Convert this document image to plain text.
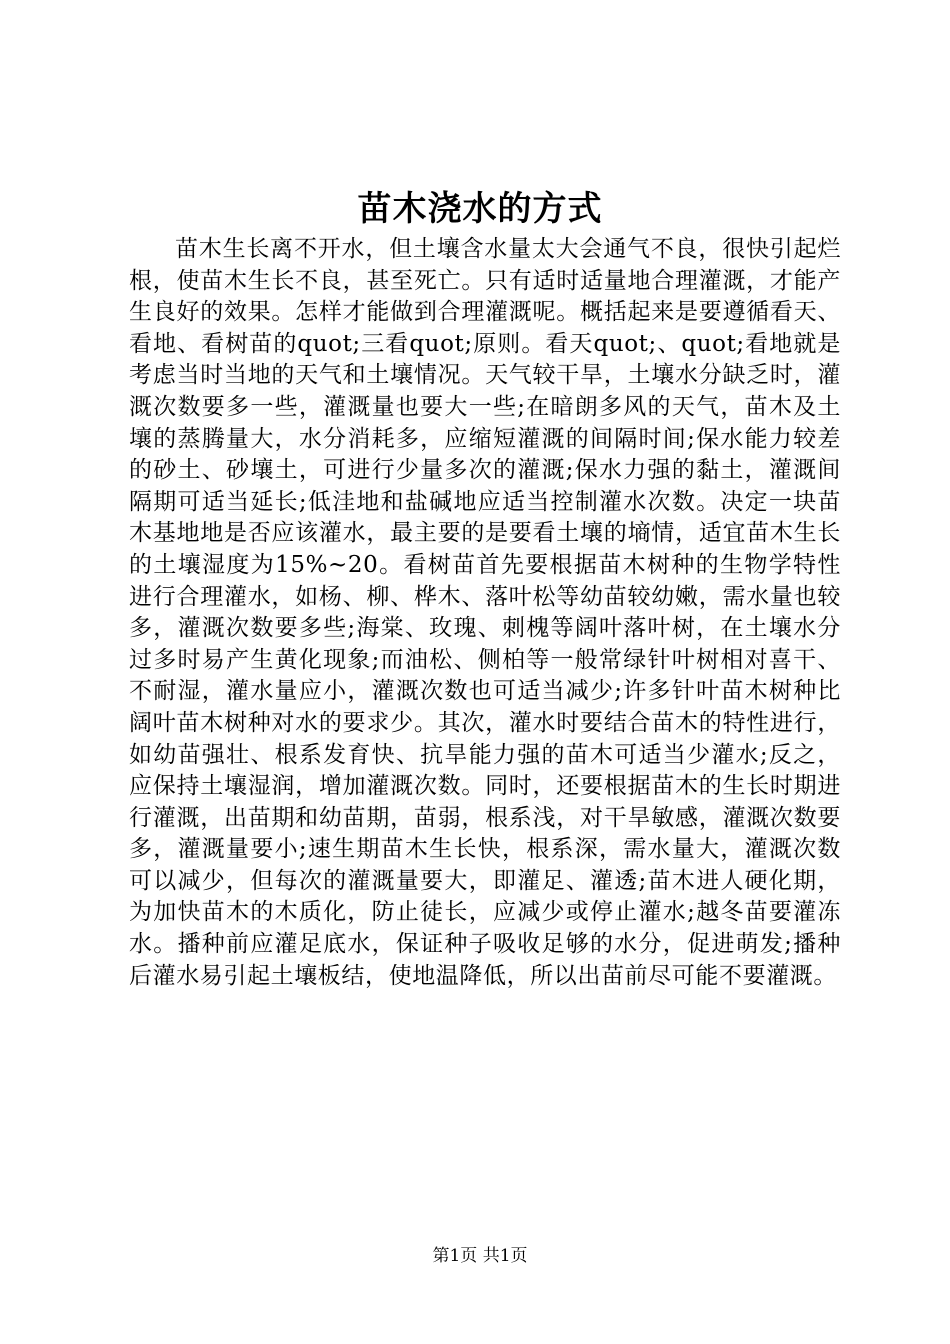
苗木浇水的方式

苗木生长离不开水，但土壤含水量太大会通气不良，很快引起烂根，使苗木生长不良，甚至死亡。只有适时适量地合理灌溉，才能产生良好的效果。怎样才能做到合理灌溉呢。概括起来是要遵循看天、看地、看树苗的quot;三看quot;原则。看天quot;、quot;看地就是考虑当时当地的天气和土壤情况。天气较干旱，土壤水分缺乏时，灌溉次数要多一些，灌溉量也要大一些;在暗朗多风的天气，苗木及土壤的蒸腾量大，水分消耗多，应缩短灌溉的间隔时间;保水能力较差的砂土、砂壤土，可进行少量多次的灌溉;保水力强的黏土，灌溉间隔期可适当延长;低洼地和盐碱地应适当控制灌水次数。决定一块苗木基地地是否应该灌水，最主要的是要看土壤的墒情，适宜苗木生长的土壤湿度为15%~20。看树苗首先要根据苗木树种的生物学特性进行合理灌水，如杨、柳、桦木、落叶松等幼苗较幼嫩，需水量也较多，灌溉次数要多些;海棠、玫瑰、刺槐等阔叶落叶树，在土壤水分过多时易产生黄化现象;而油松、侧柏等一般常绿针叶树相对喜干、不耐湿，灌水量应小，灌溉次数也可适当减少;许多针叶苗木树种比阔叶苗木树种对水的要求少。其次，灌水时要结合苗木的特性进行，如幼苗强壮、根系发育快、抗旱能力强的苗木可适当少灌水;反之，应保持土壤湿润，增加灌溉次数。同时，还要根据苗木的生长时期进行灌溉，出苗期和幼苗期，苗弱，根系浅，对干旱敏感，灌溉次数要多，灌溉量要小;速生期苗木生长快，根系深，需水量大，灌溉次数可以减少，但每次的灌溉量要大，即灌足、灌透;苗木进人硬化期，为加快苗木的木质化，防止徒长，应减少或停止灌水;越冬苗要灌冻水。播种前应灌足底水，保证种子吸收足够的水分，促进萌发;播种后灌水易引起土壤板结，使地温降低，所以出苗前尽可能不要灌溉。

第1页 共1页
